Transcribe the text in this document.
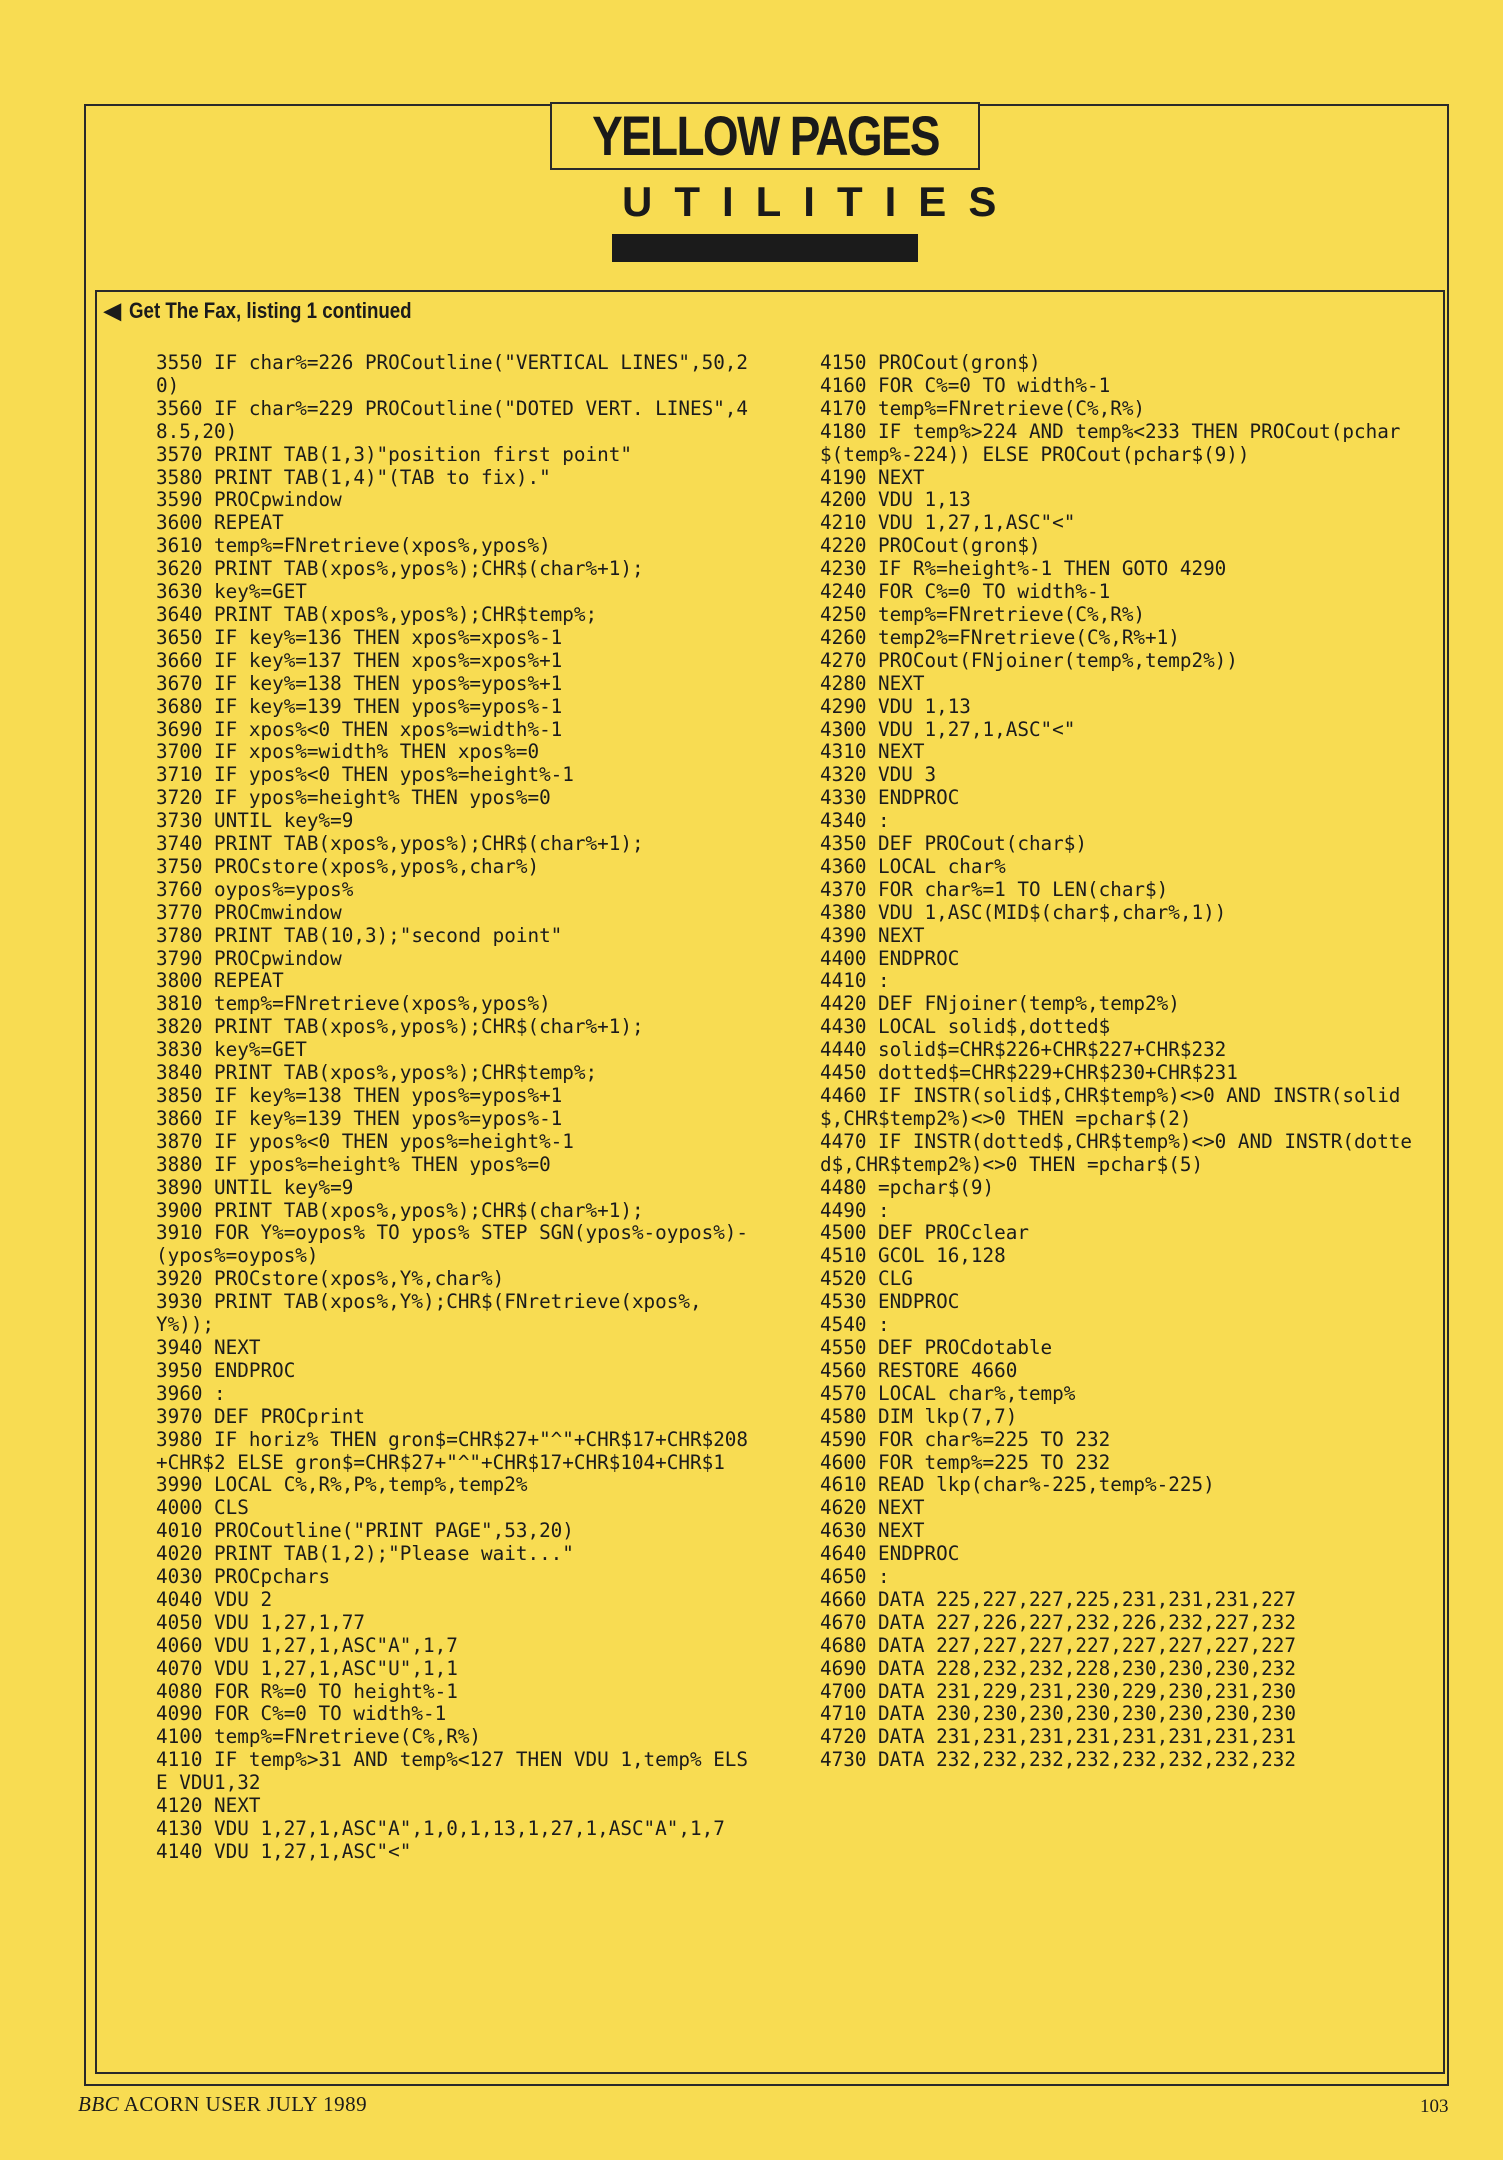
YELLOW PAGES
UTILITIES
◀ Get The Fax, listing 1 continued
3550 IF char%=226 PROCoutline("VERTICAL LINES",50,20)
3560 IF char%=229 PROCoutline("DOTED VERT. LINES",48.5,20)
3570 PRINT TAB(1,3)"position first point"
3580 PRINT TAB(1,4)"(TAB to fix)."
3590 PROCpwindow
3600 REPEAT
3610 temp%=FNretrieve(xpos%,ypos%)
3620 PRINT TAB(xpos%,ypos%);CHR$(char%+1);
3630 key%=GET
3640 PRINT TAB(xpos%,ypos%);CHR$temp%;
3650 IF key%=136 THEN xpos%=xpos%-1
3660 IF key%=137 THEN xpos%=xpos%+1
3670 IF key%=138 THEN ypos%=ypos%+1
3680 IF key%=139 THEN ypos%=ypos%-1
3690 IF xpos%<0 THEN xpos%=width%-1
3700 IF xpos%=width% THEN xpos%=0
3710 IF ypos%<0 THEN ypos%=height%-1
3720 IF ypos%=height% THEN ypos%=0
3730 UNTIL key%=9
3740 PRINT TAB(xpos%,ypos%);CHR$(char%+1);
3750 PROCstore(xpos%,ypos%,char%)
3760 oypos%=ypos%
3770 PROCmwindow
3780 PRINT TAB(10,3);"second point"
3790 PROCpwindow
3800 REPEAT
3810 temp%=FNretrieve(xpos%,ypos%)
3820 PRINT TAB(xpos%,ypos%);CHR$(char%+1);
3830 key%=GET
3840 PRINT TAB(xpos%,ypos%);CHR$temp%;
3850 IF key%=138 THEN ypos%=ypos%+1
3860 IF key%=139 THEN ypos%=ypos%-1
3870 IF ypos%<0 THEN ypos%=height%-1
3880 IF ypos%=height% THEN ypos%=0
3890 UNTIL key%=9
3900 PRINT TAB(xpos%,ypos%);CHR$(char%+1);
3910 FOR Y%=oypos% TO ypos% STEP SGN(ypos%-oypos%)-(ypos%=oypos%)
3920 PROCstore(xpos%,Y%,char%)
3930 PRINT TAB(xpos%,Y%);CHR$(FNretrieve(xpos%,Y%));
3940 NEXT
3950 ENDPROC
3960 :
3970 DEF PROCprint
3980 IF horiz% THEN gron$=CHR$27+"^"+CHR$17+CHR$208+CHR$2 ELSE gron$=CHR$27+"^"+CHR$17+CHR$104+CHR$1
3990 LOCAL C%,R%,P%,temp%,temp2%
4000 CLS
4010 PROCoutline("PRINT PAGE",53,20)
4020 PRINT TAB(1,2);"Please wait..."
4030 PROCpchars
4040 VDU 2
4050 VDU 1,27,1,77
4060 VDU 1,27,1,ASC"A",1,7
4070 VDU 1,27,1,ASC"U",1,1
4080 FOR R%=0 TO height%-1
4090 FOR C%=0 TO width%-1
4100 temp%=FNretrieve(C%,R%)
4110 IF temp%>31 AND temp%<127 THEN VDU 1,temp% ELSE VDU1,32
4120 NEXT
4130 VDU 1,27,1,ASC"A",1,0,1,13,1,27,1,ASC"A",1,7
4140 VDU 1,27,1,ASC"<"
4150 PROCout(gron$)
4160 FOR C%=0 TO width%-1
4170 temp%=FNretrieve(C%,R%)
4180 IF temp%>224 AND temp%<233 THEN PROCout(pchar$(temp%-224)) ELSE PROCout(pchar$(9))
4190 NEXT
4200 VDU 1,13
4210 VDU 1,27,1,ASC"<"
4220 PROCout(gron$)
4230 IF R%=height%-1 THEN GOTO 4290
4240 FOR C%=0 TO width%-1
4250 temp%=FNretrieve(C%,R%)
4260 temp2%=FNretrieve(C%,R%+1)
4270 PROCout(FNjoiner(temp%,temp2%))
4280 NEXT
4290 VDU 1,13
4300 VDU 1,27,1,ASC"<"
4310 NEXT
4320 VDU 3
4330 ENDPROC
4340 :
4350 DEF PROCout(char$)
4360 LOCAL char%
4370 FOR char%=1 TO LEN(char$)
4380 VDU 1,ASC(MID$(char$,char%,1))
4390 NEXT
4400 ENDPROC
4410 :
4420 DEF FNjoiner(temp%,temp2%)
4430 LOCAL solid$,dotted$
4440 solid$=CHR$226+CHR$227+CHR$232
4450 dotted$=CHR$229+CHR$230+CHR$231
4460 IF INSTR(solid$,CHR$temp%)<>0 AND INSTR(solid$,CHR$temp2%)<>0 THEN =pchar$(2)
4470 IF INSTR(dotted$,CHR$temp%)<>0 AND INSTR(dotted$,CHR$temp2%)<>0 THEN =pchar$(5)
4480 =pchar$(9)
4490 :
4500 DEF PROCclear
4510 GCOL 16,128
4520 CLG
4530 ENDPROC
4540 :
4550 DEF PROCdotable
4560 RESTORE 4660
4570 LOCAL char%,temp%
4580 DIM lkp(7,7)
4590 FOR char%=225 TO 232
4600 FOR temp%=225 TO 232
4610 READ lkp(char%-225,temp%-225)
4620 NEXT
4630 NEXT
4640 ENDPROC
4650 :
4660 DATA 225,227,227,225,231,231,231,227
4670 DATA 227,226,227,232,226,232,227,232
4680 DATA 227,227,227,227,227,227,227,227
4690 DATA 228,232,232,228,230,230,230,232
4700 DATA 231,229,231,230,229,230,231,230
4710 DATA 230,230,230,230,230,230,230,230
4720 DATA 231,231,231,231,231,231,231,231
4730 DATA 232,232,232,232,232,232,232,232
BBC ACORN USER JULY 1989	103
